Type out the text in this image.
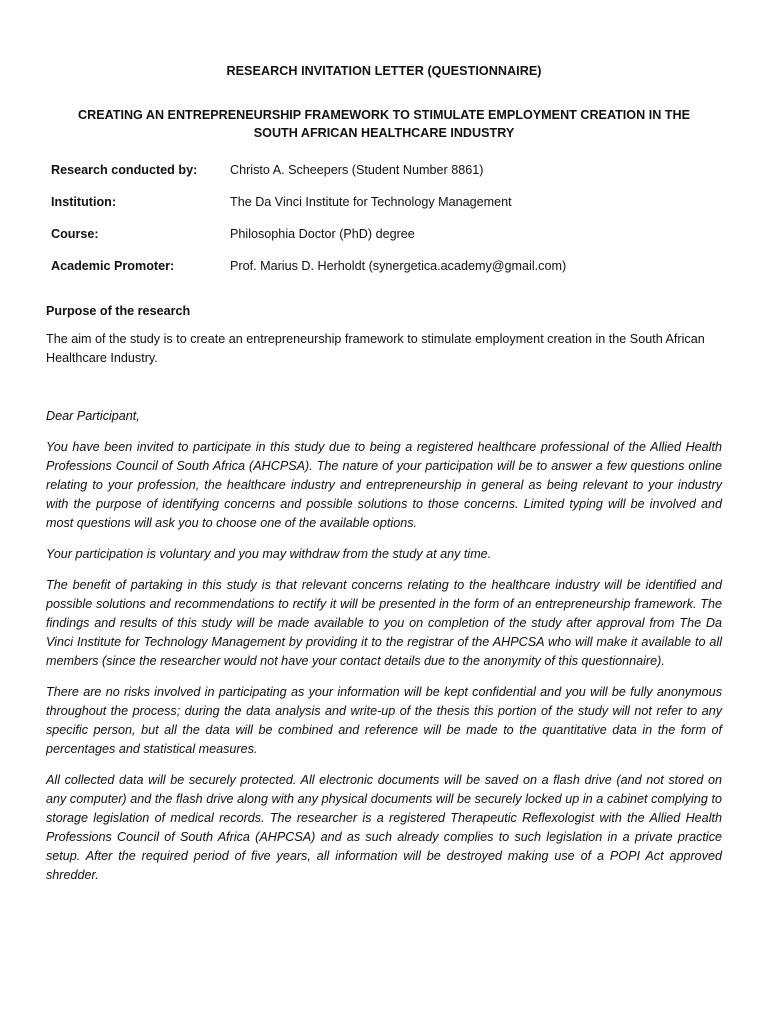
RESEARCH INVITATION LETTER (QUESTIONNAIRE)

CREATING AN ENTREPRENEURSHIP FRAMEWORK TO STIMULATE EMPLOYMENT CREATION IN THE
SOUTH AFRICAN HEALTHCARE INDUSTRY
Research conducted by:	Christo A. Scheepers (Student Number 8861)
Institution:	The Da Vinci Institute for Technology Management
Course:	Philosophia Doctor (PhD) degree
Academic Promoter:	Prof. Marius D. Herholdt (synergetica.academy@gmail.com)

Purpose of the research

The aim of the study is to create an entrepreneurship framework to stimulate employment creation in the South African Healthcare Industry.

Dear Participant,

You have been invited to participate in this study due to being a registered healthcare professional of the Allied Health Professions Council of South Africa (AHCPSA). The nature of your participation will be to answer a few questions online relating to your profession, the healthcare industry and entrepreneurship in general as being relevant to your industry with the purpose of identifying concerns and possible solutions to those concerns. Limited typing will be involved and most questions will ask you to choose one of the available options.

Your participation is voluntary and you may withdraw from the study at any time.

The benefit of partaking in this study is that relevant concerns relating to the healthcare industry will be identified and possible solutions and recommendations to rectify it will be presented in the form of an entrepreneurship framework. The findings and results of this study will be made available to you on completion of the study after approval from The Da Vinci Institute for Technology Management by providing it to the registrar of the AHPCSA who will make it available to all members (since the researcher would not have your contact details due to the anonymity of this questionnaire).

There are no risks involved in participating as your information will be kept confidential and you will be fully anonymous throughout the process; during the data analysis and write-up of the thesis this portion of the study will not refer to any specific person, but all the data will be combined and reference will be made to the quantitative data in the form of percentages and statistical measures.

All collected data will be securely protected. All electronic documents will be saved on a flash drive (and not stored on any computer) and the flash drive along with any physical documents will be securely locked up in a cabinet complying to storage legislation of medical records. The researcher is a registered Therapeutic Reflexologist with the Allied Health Professions Council of South Africa (AHPCSA) and as such already complies to such legislation in a private practice setup. After the required period of five years, all information will be destroyed making use of a POPI Act approved shredder.
